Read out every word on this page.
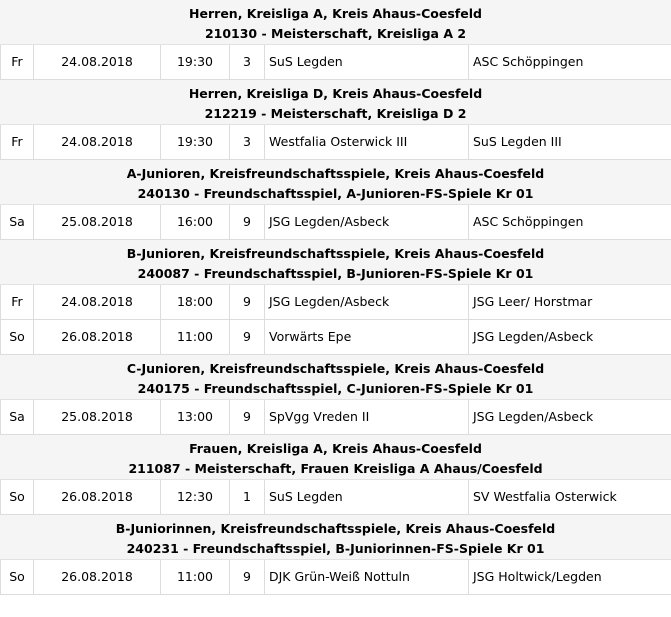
Herren, Kreisliga A, Kreis Ahaus-Coesfeld
210130 - Meisterschaft, Kreisliga A 2
Fr	24.08.2018	19:30	3	SuS Legden	ASC Schöppingen
Herren, Kreisliga D, Kreis Ahaus-Coesfeld
212219 - Meisterschaft, Kreisliga D 2
Fr	24.08.2018	19:30	3	Westfalia Osterwick III	SuS Legden III
A-Junioren, Kreisfreundschaftsspiele, Kreis Ahaus-Coesfeld
240130 - Freundschaftsspiel, A-Junioren-FS-Spiele Kr 01
Sa	25.08.2018	16:00	9	JSG Legden/Asbeck	ASC Schöppingen
B-Junioren, Kreisfreundschaftsspiele, Kreis Ahaus-Coesfeld
240087 - Freundschaftsspiel, B-Junioren-FS-Spiele Kr 01
Fr	24.08.2018	18:00	9	JSG Legden/Asbeck	JSG Leer/ Horstmar
So	26.08.2018	11:00	9	Vorwärts Epe	JSG Legden/Asbeck
C-Junioren, Kreisfreundschaftsspiele, Kreis Ahaus-Coesfeld
240175 - Freundschaftsspiel, C-Junioren-FS-Spiele Kr 01
Sa	25.08.2018	13:00	9	SpVgg Vreden II	JSG Legden/Asbeck
Frauen, Kreisliga A, Kreis Ahaus-Coesfeld
211087 - Meisterschaft, Frauen Kreisliga A Ahaus/Coesfeld
So	26.08.2018	12:30	1	SuS Legden	SV Westfalia Osterwick
B-Juniorinnen, Kreisfreundschaftsspiele, Kreis Ahaus-Coesfeld
240231 - Freundschaftsspiel, B-Juniorinnen-FS-Spiele Kr 01
So	26.08.2018	11:00	9	DJK Grün-Weiß Nottuln	JSG Holtwick/Legden
